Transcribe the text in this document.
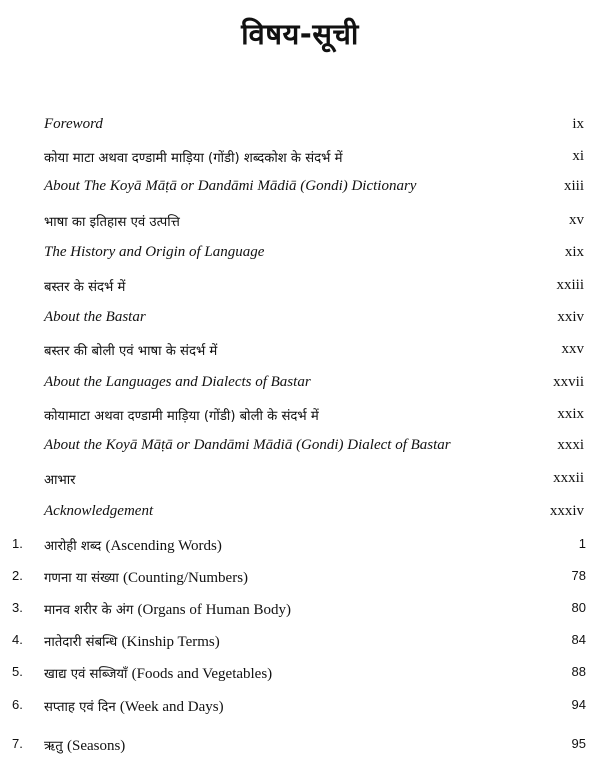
विषय-सूची
Foreword	ix
कोया माटा अथवा दण्डामी माड़िया (गोंडी) शब्दकोश के संदर्भ में	xi
About The Koyā Māṭā or Dandāmi Mādiā (Gondi) Dictionary	xiii
भाषा का इतिहास एवं उत्पत्ति	xv
The History and Origin of Language	xix
बस्तर के संदर्भ में	xxiii
About the Bastar	xxiv
बस्तर की बोली एवं भाषा के संदर्भ में	xxv
About the Languages and Dialects of Bastar	xxvii
कोयामाटा अथवा दण्डामी माड़िया (गोंडी) बोली के संदर्भ में	xxix
About the Koyā Māṭā or Dandāmi Mādiā (Gondi) Dialect of Bastar	xxxi
आभार	xxxii
Acknowledgement	xxxiv
1.	आरोही शब्द (Ascending Words)	1
2.	गणना या संख्या (Counting/Numbers)	78
3.	मानव शरीर के अंग (Organs of Human Body)	80
4.	नातेदारी संबन्धि (Kinship Terms)	84
5.	खाद्य एवं सब्जियाँ (Foods and Vegetables)	88
6.	सप्ताह एवं दिन (Week and Days)	94
7.	ऋतु (Seasons)	95
